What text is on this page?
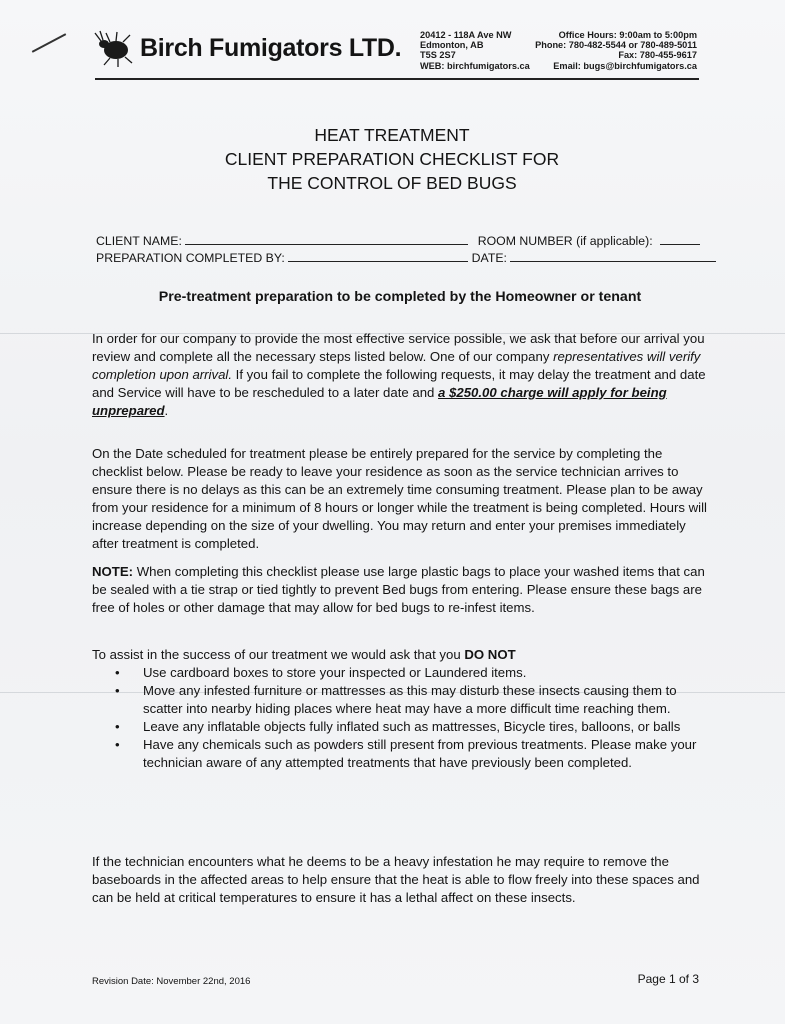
Birch Fumigators LTD. 20412 - 118A Ave NW
Edmonton, AB
T5S 2S7
WEB: birchfumigators.ca
Office Hours: 9:00am to 5:00pm
Phone: 780-482-5544 or 780-489-5011
Fax: 780-455-9617
Email: bugs@birchfumigators.ca
HEAT TREATMENT
CLIENT PREPARATION CHECKLIST FOR
THE CONTROL OF BED BUGS
CLIENT NAME:	ROOM NUMBER (if applicable):
PREPARATION COMPLETED BY:	DATE:
Pre-treatment preparation to be completed by the Homeowner or tenant

In order for our company to provide the most effective service possible, we ask that before our arrival you review and complete all the necessary steps listed below. One of our company representatives will verify completion upon arrival. If you fail to complete the following requests, it may delay the treatment and date and Service will have to be rescheduled to a later date and a $250.00 charge will apply for being unprepared.

On the Date scheduled for treatment please be entirely prepared for the service by completing the checklist below. Please be ready to leave your residence as soon as the service technician arrives to ensure there is no delays as this can be an extremely time consuming treatment. Please plan to be away from your residence for a minimum of 8 hours or longer while the treatment is being completed. Hours will increase depending on the size of your dwelling. You may return and enter your premises immediately after treatment is completed.

NOTE: When completing this checklist please use large plastic bags to place your washed items that can be sealed with a tie strap or tied tightly to prevent Bed bugs from entering. Please ensure these bags are free of holes or other damage that may allow for bed bugs to re-infest items.

To assist in the success of our treatment we would ask that you DO NOT

• Use cardboard boxes to store your inspected or Laundered items.
• Move any infested furniture or mattresses as this may disturb these insects causing them to scatter into nearby hiding places where heat may have a more difficult time reaching them.
• Leave any inflatable objects fully inflated such as mattresses, Bicycle tires, balloons, or balls
• Have any chemicals such as powders still present from previous treatments. Please make your technician aware of any attempted treatments that have previously been completed.

If the technician encounters what he deems to be a heavy infestation he may require to remove the baseboards in the affected areas to help ensure that the heat is able to flow freely into these spaces and can be held at critical temperatures to ensure it has a lethal affect on these insects.

Revision Date: November 22nd, 2016	Page 1 of 3
